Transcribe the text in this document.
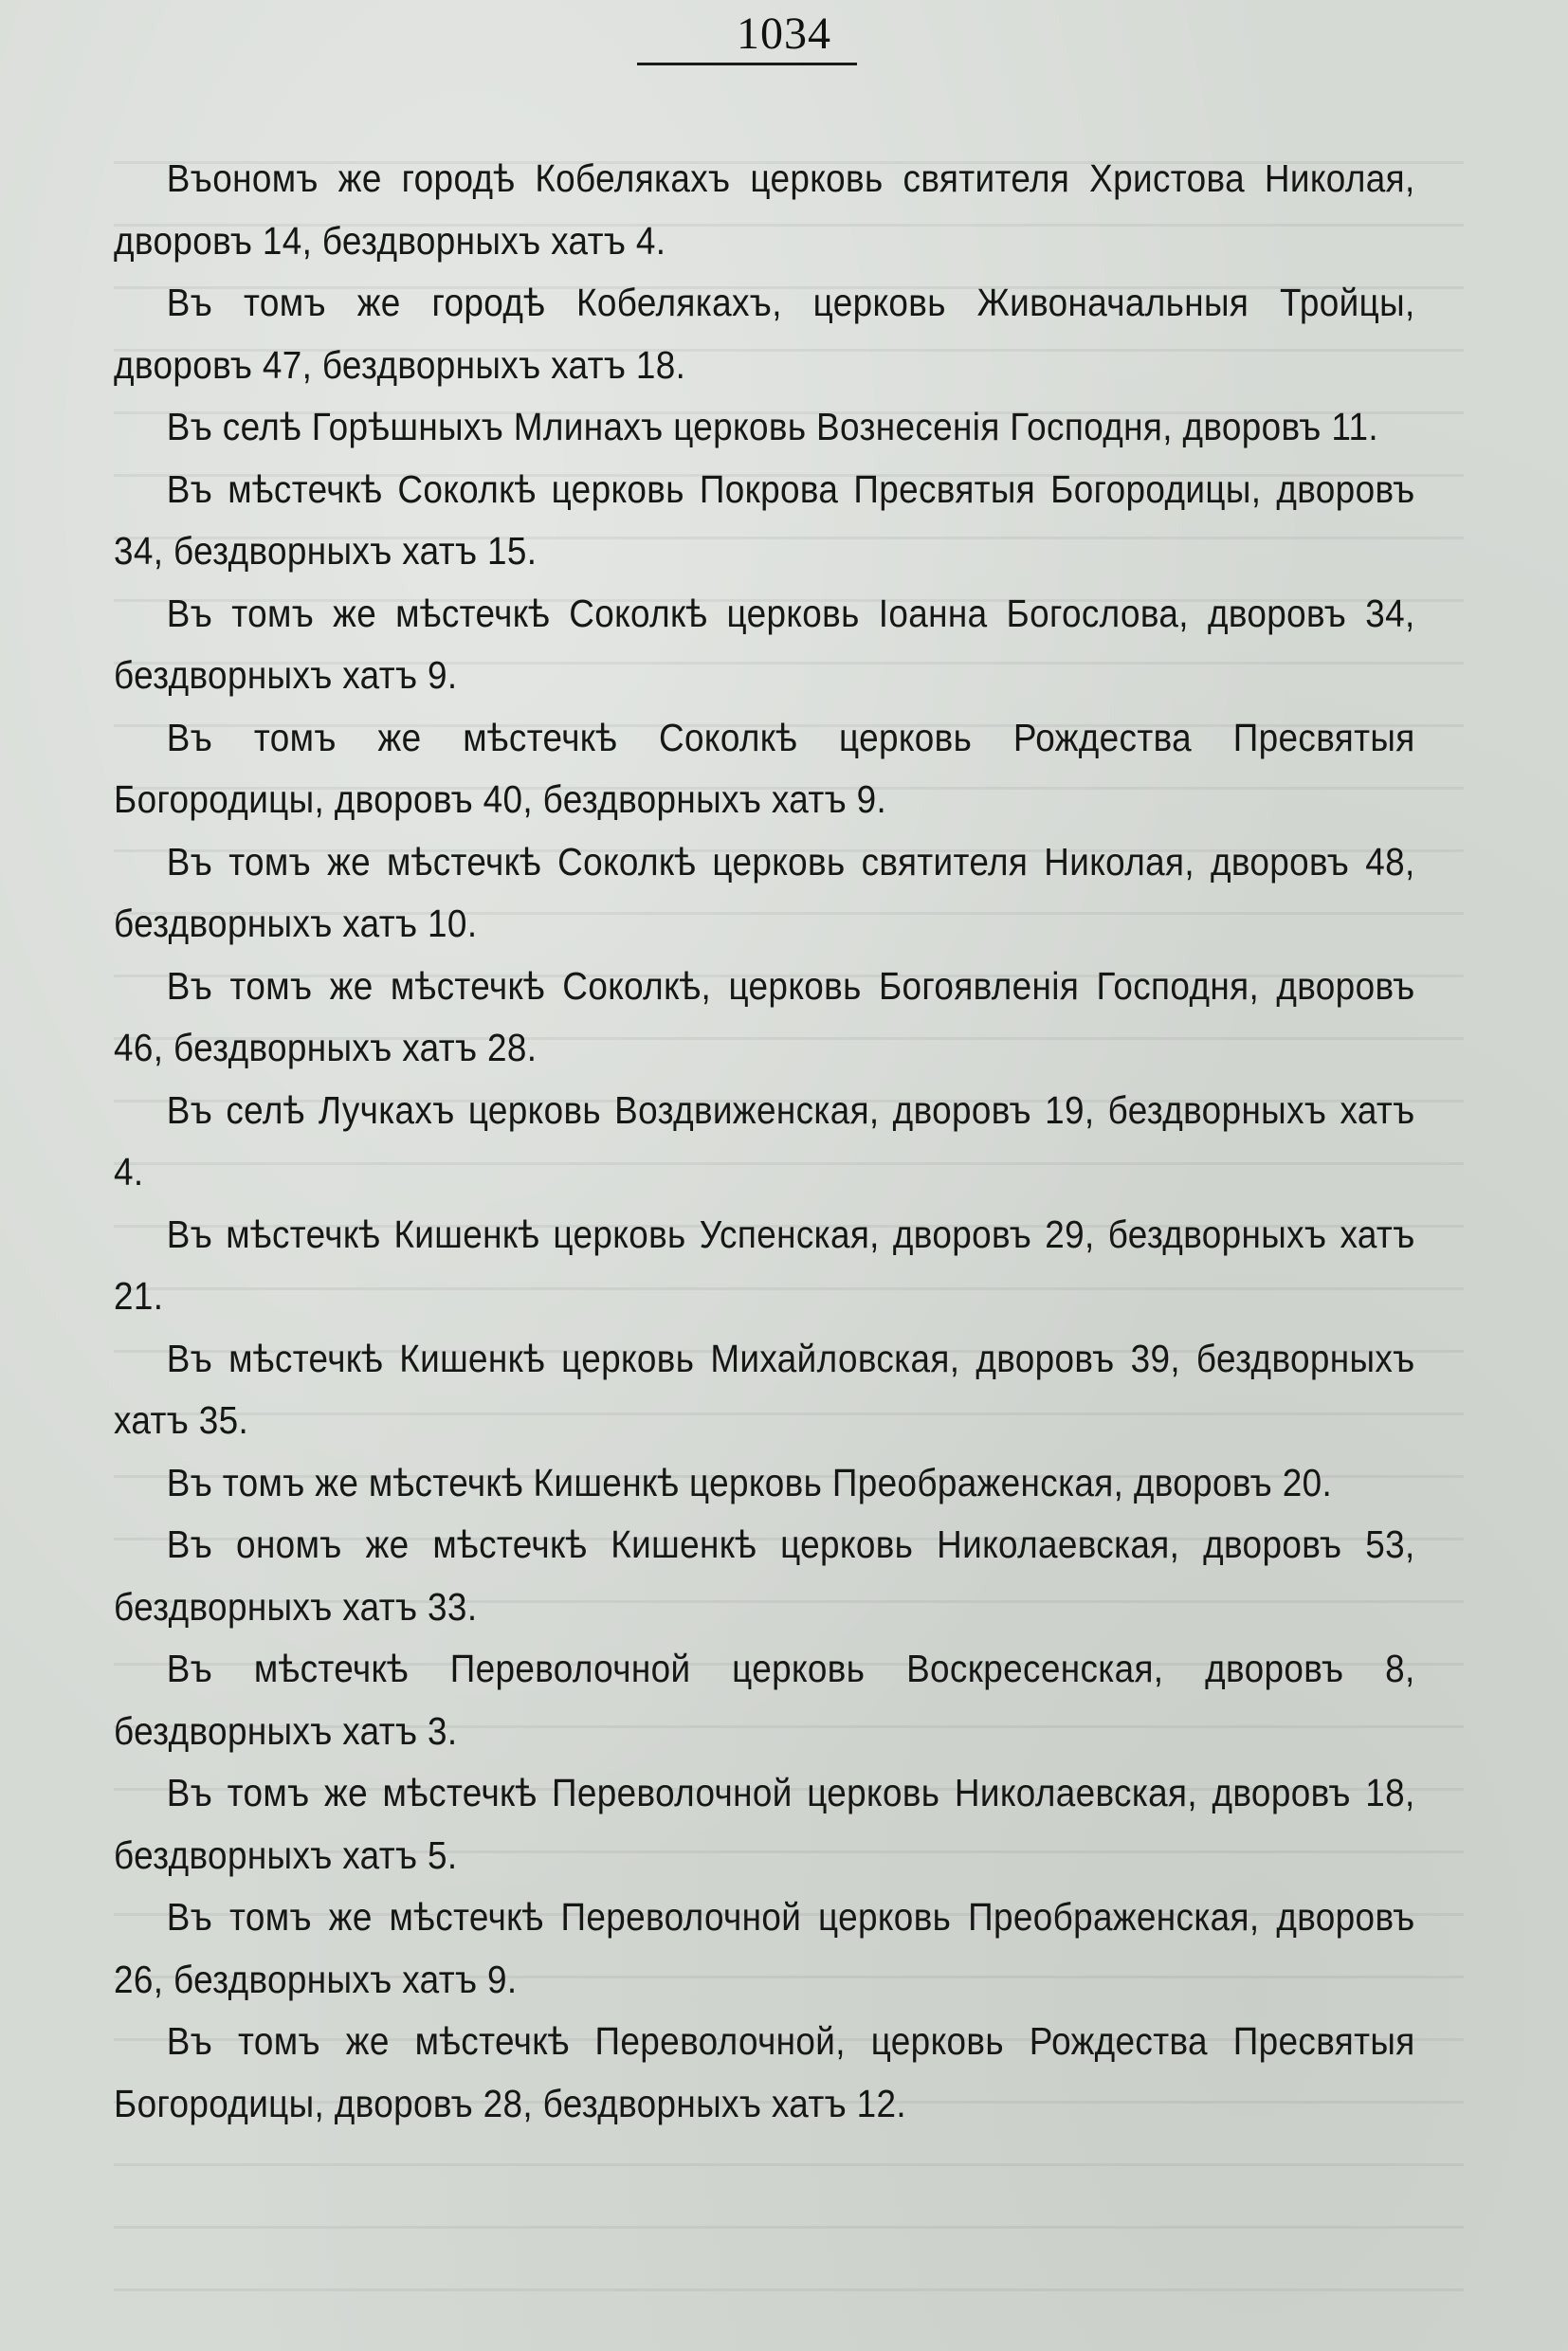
1034

Въономъ же городѣ Кобелякахъ церковь святителя Христова Николая, дворовъ 14, бездворныхъ хатъ 4.

Въ томъ же городѣ Кобелякахъ, церковь Живоначальныя Тройцы, дворовъ 47, бездворныхъ хатъ 18.

Въ селѣ Горѣшныхъ Млинахъ церковь Вознесенія Господня, дворовъ 11.

Въ мѣстечкѣ Соколкѣ церковь Покрова Пресвятыя Богородицы, дворовъ 34, бездворныхъ хатъ 15.

Въ томъ же мѣстечкѣ Соколкѣ церковь Іоанна Богослова, дворовъ 34, бездворныхъ хатъ 9.

Въ томъ же мѣстечкѣ Соколкѣ церковь Рождества Пресвятыя Богородицы, дворовъ 40, бездворныхъ хатъ 9.

Въ томъ же мѣстечкѣ Соколкѣ церковь святителя Николая, дворовъ 48, бездворныхъ хатъ 10.

Въ томъ же мѣстечкѣ Соколкѣ, церковь Богоявленія Господня, дворовъ 46, бездворныхъ хатъ 28.

Въ селѣ Лучкахъ церковь Воздвиженская, дворовъ 19, бездворныхъ хатъ 4.

Въ мѣстечкѣ Кишенкѣ церковь Успенская, дворовъ 29, бездворныхъ хатъ 21.

Въ мѣстечкѣ Кишенкѣ церковь Михайловская, дворовъ 39, бездворныхъ хатъ 35.

Въ томъ же мѣстечкѣ Кишенкѣ церковь Преображенская, дворовъ 20.

Въ ономъ же мѣстечкѣ Кишенкѣ церковь Николаевская, дворовъ 53, бездворныхъ хатъ 33.

Въ мѣстечкѣ Переволочной церковь Воскресенская, дворовъ 8, бездворныхъ хатъ 3.

Въ томъ же мѣстечкѣ Переволочной церковь Николаевская, дворовъ 18, бездворныхъ хатъ 5.

Въ томъ же мѣстечкѣ Переволочной церковь Преображенская, дворовъ 26, бездворныхъ хатъ 9.

Въ томъ же мѣстечкѣ Переволочной, церковь Рождества Пресвятыя Богородицы, дворовъ 28, бездворныхъ хатъ 12.
